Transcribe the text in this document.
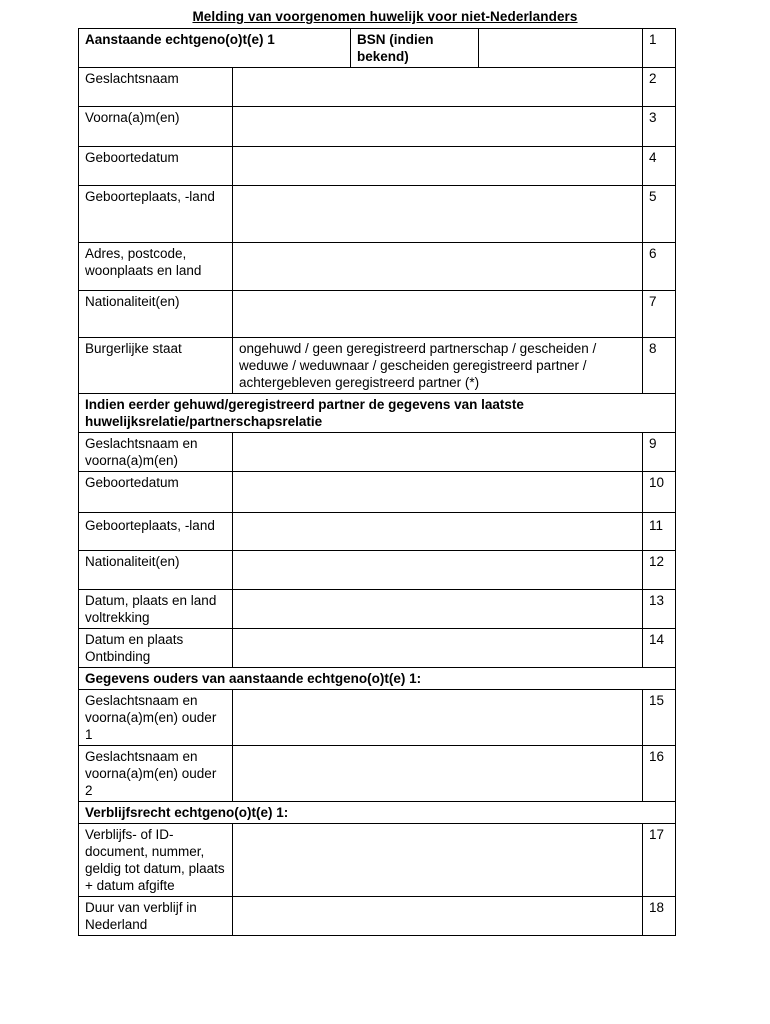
Melding van voorgenomen huwelijk voor niet-Nederlanders
Aanstaande echtgeno(o)t(e) 1		BSN (indien bekend)		1
Geslachtsnaam				2
Voorna(a)m(en)				3
Geboortedatum				4
Geboorteplaats, -land				5
Adres, postcode, woonplaats en land				6
Nationaliteit(en)				7
Burgerlijke staat	ongehuwd / geen geregistreerd partnerschap / gescheiden / weduwe / weduwnaar / gescheiden geregistreerd partner / achtergebleven geregistreerd partner (*)			8
Indien eerder gehuwd/geregistreerd partner de gegevens van laatste huwelijksrelatie/partnerschapsrelatie				
Geslachtsnaam en voorna(a)m(en)				9
Geboortedatum				10
Geboorteplaats, -land				11
Nationaliteit(en)				12
Datum, plaats en land voltrekking				13
Datum en plaats Ontbinding				14
Gegevens ouders van aanstaande echtgeno(o)t(e) 1:				
Geslachtsnaam en voorna(a)m(en) ouder 1				15
Geslachtsnaam en voorna(a)m(en) ouder 2				16
Verblijfsrecht echtgeno(o)t(e) 1:				
Verblijfs- of ID-document, nummer, geldig tot datum, plaats + datum afgifte				17
Duur van verblijf in Nederland				18
